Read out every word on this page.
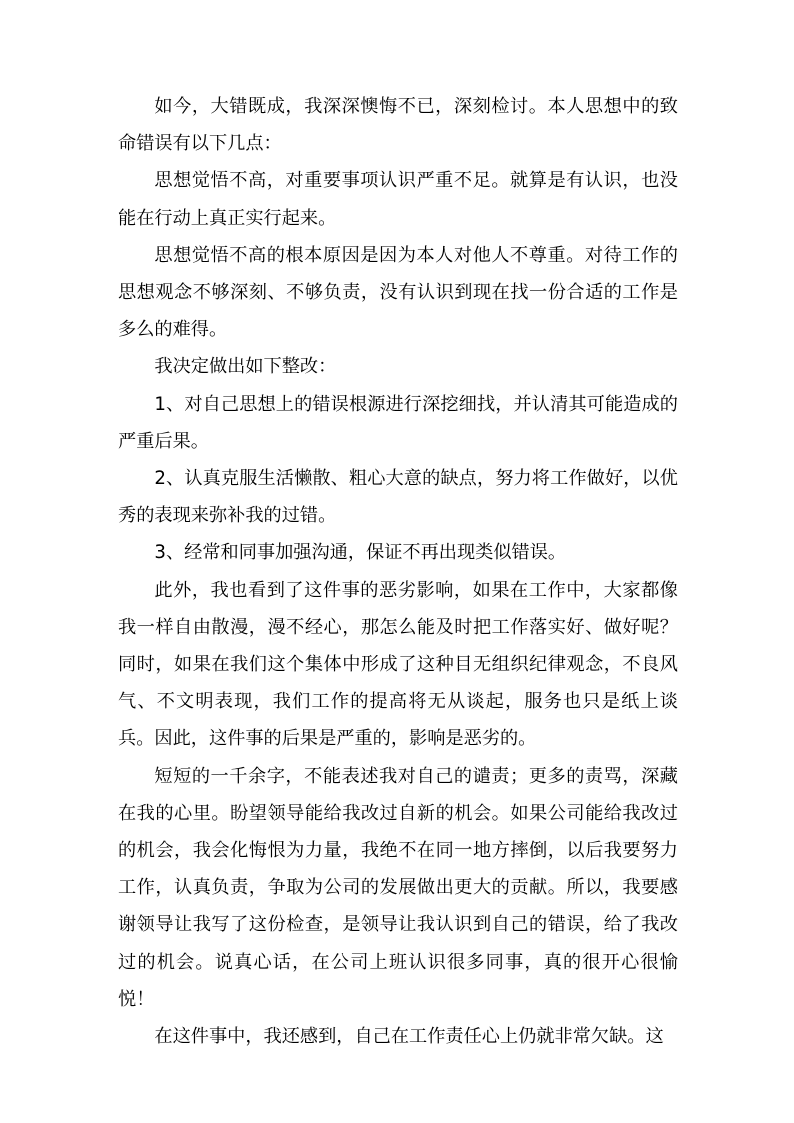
如今，大错既成，我深深懊悔不已，深刻检讨。本人思想中的致命错误有以下几点：

思想觉悟不高，对重要事项认识严重不足。就算是有认识，也没能在行动上真正实行起来。

思想觉悟不高的根本原因是因为本人对他人不尊重。对待工作的思想观念不够深刻、不够负责，没有认识到现在找一份合适的工作是多么的难得。

我决定做出如下整改：

1、对自己思想上的错误根源进行深挖细找，并认清其可能造成的严重后果。

2、认真克服生活懒散、粗心大意的缺点，努力将工作做好，以优秀的表现来弥补我的过错。

3、经常和同事加强沟通，保证不再出现类似错误。

此外，我也看到了这件事的恶劣影响，如果在工作中，大家都像我一样自由散漫，漫不经心，那怎么能及时把工作落实好、做好呢？同时，如果在我们这个集体中形成了这种目无组织纪律观念，不良风气、不文明表现，我们工作的提高将无从谈起，服务也只是纸上谈兵。因此，这件事的后果是严重的，影响是恶劣的。

短短的一千余字，不能表述我对自己的谴责；更多的责骂，深藏在我的心里。盼望领导能给我改过自新的机会。如果公司能给我改过的机会，我会化悔恨为力量，我绝不在同一地方摔倒，以后我要努力工作，认真负责，争取为公司的发展做出更大的贡献。所以，我要感谢领导让我写了这份检查，是领导让我认识到自己的错误，给了我改过的机会。说真心话，在公司上班认识很多同事，真的很开心很愉悦！

在这件事中，我还感到，自己在工作责任心上仍就非常欠缺。这
